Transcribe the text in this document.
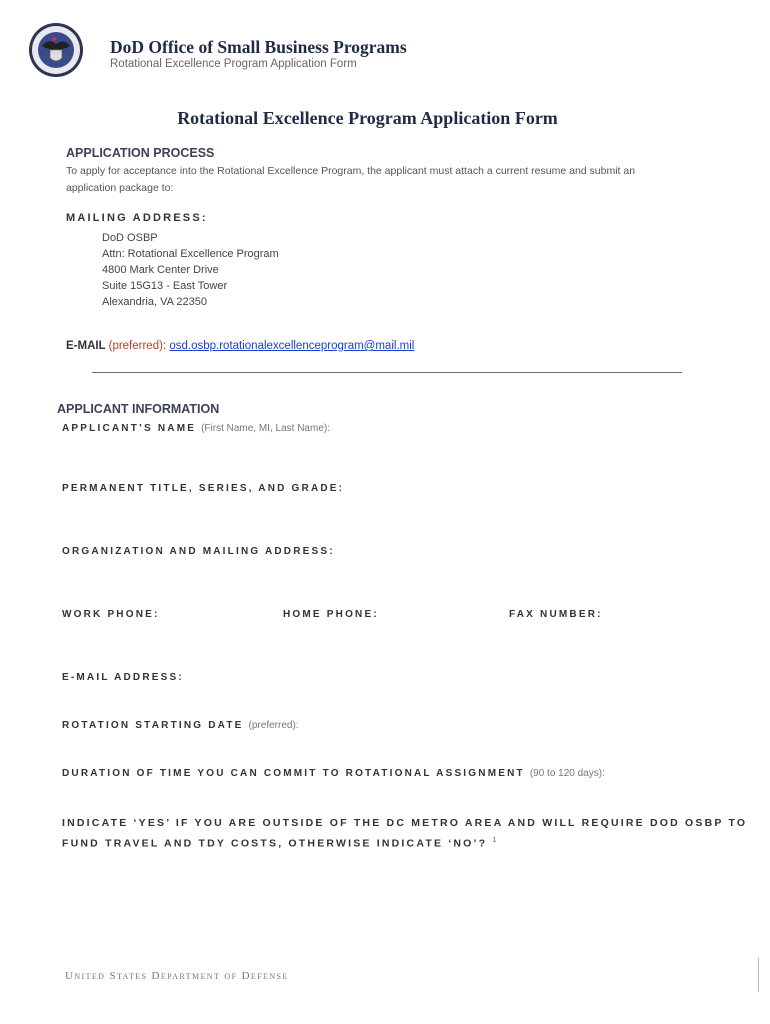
DoD Office of Small Business Programs
Rotational Excellence Program Application Form
Rotational Excellence Program Application Form
APPLICATION PROCESS
To apply for acceptance into the Rotational Excellence Program, the applicant must attach a current resume and submit an
application package to:
MAILING ADDRESS:
DoD OSBP
Attn: Rotational Excellence Program
4800 Mark Center Drive
Suite 15G13 - East Tower
Alexandria, VA 22350
E-MAIL (preferred): osd.osbp.rotationalexcellenceprogram@mail.mil
APPLICANT INFORMATION
APPLICANT’S NAME (First Name, MI, Last Name):
PERMANENT TITLE, SERIES, AND GRADE:
ORGANIZATION AND MAILING ADDRESS:
WORK PHONE:	HOME PHONE:	FAX NUMBER:
E-MAIL ADDRESS:
ROTATION STARTING DATE (preferred):
DURATION OF TIME YOU CAN COMMIT TO ROTATIONAL ASSIGNMENT (90 to 120 days):
INDICATE ‘YES’ IF YOU ARE OUTSIDE OF THE DC METRO AREA AND WILL REQUIRE DOD OSBP TO
FUND TRAVEL AND TDY COSTS, OTHERWISE INDICATE ‘NO’? $^1$
United States Department of Defense
